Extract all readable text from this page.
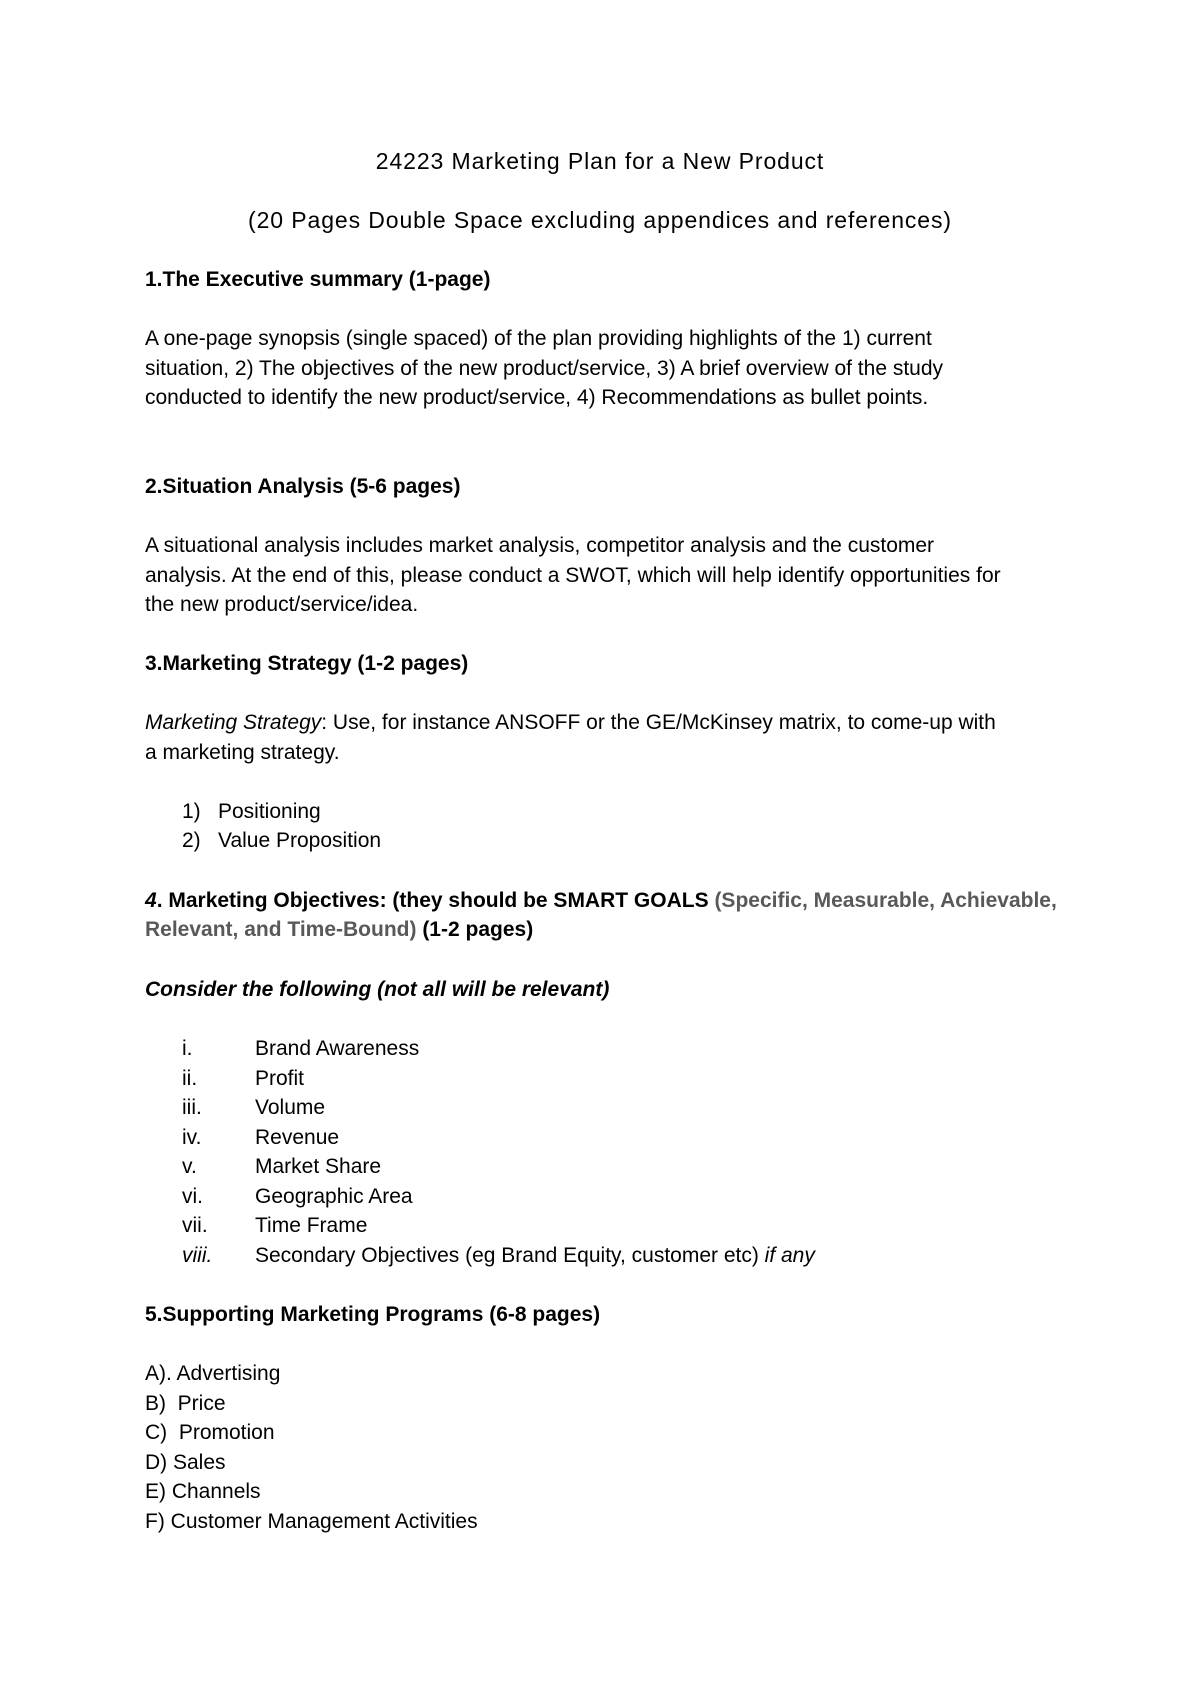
24223 Marketing Plan for a New Product
(20 Pages Double Space excluding appendices and references)
1.The Executive summary (1-page)
A one-page synopsis (single spaced) of the plan providing highlights of the 1) current
situation, 2) The objectives of the new product/service, 3) A brief overview of the study
conducted to identify the new product/service, 4) Recommendations as bullet points.
2.Situation Analysis (5-6 pages)
A situational analysis includes market analysis, competitor analysis and the customer
analysis. At the end of this, please conduct a SWOT, which will help identify opportunities for
the new product/service/idea.
3.Marketing Strategy (1-2 pages)
Marketing Strategy: Use, for instance ANSOFF or the GE/McKinsey matrix, to come-up with
a marketing strategy.
1) Positioning
2) Value Proposition
4. Marketing Objectives: (they should be SMART GOALS (Specific, Measurable, Achievable,
Relevant, and Time-Bound) (1-2 pages)
Consider the following (not all will be relevant)
i.	Brand Awareness
ii.	Profit
iii.	Volume
iv.	Revenue
v.	Market Share
vi. Geographic Area
vii. Time Frame
viii. Secondary Objectives (eg Brand Equity, customer etc) if any
5.Supporting Marketing Programs (6-8 pages)
A). Advertising
B)  Price
C)  Promotion
D) Sales
E) Channels
F) Customer Management Activities
